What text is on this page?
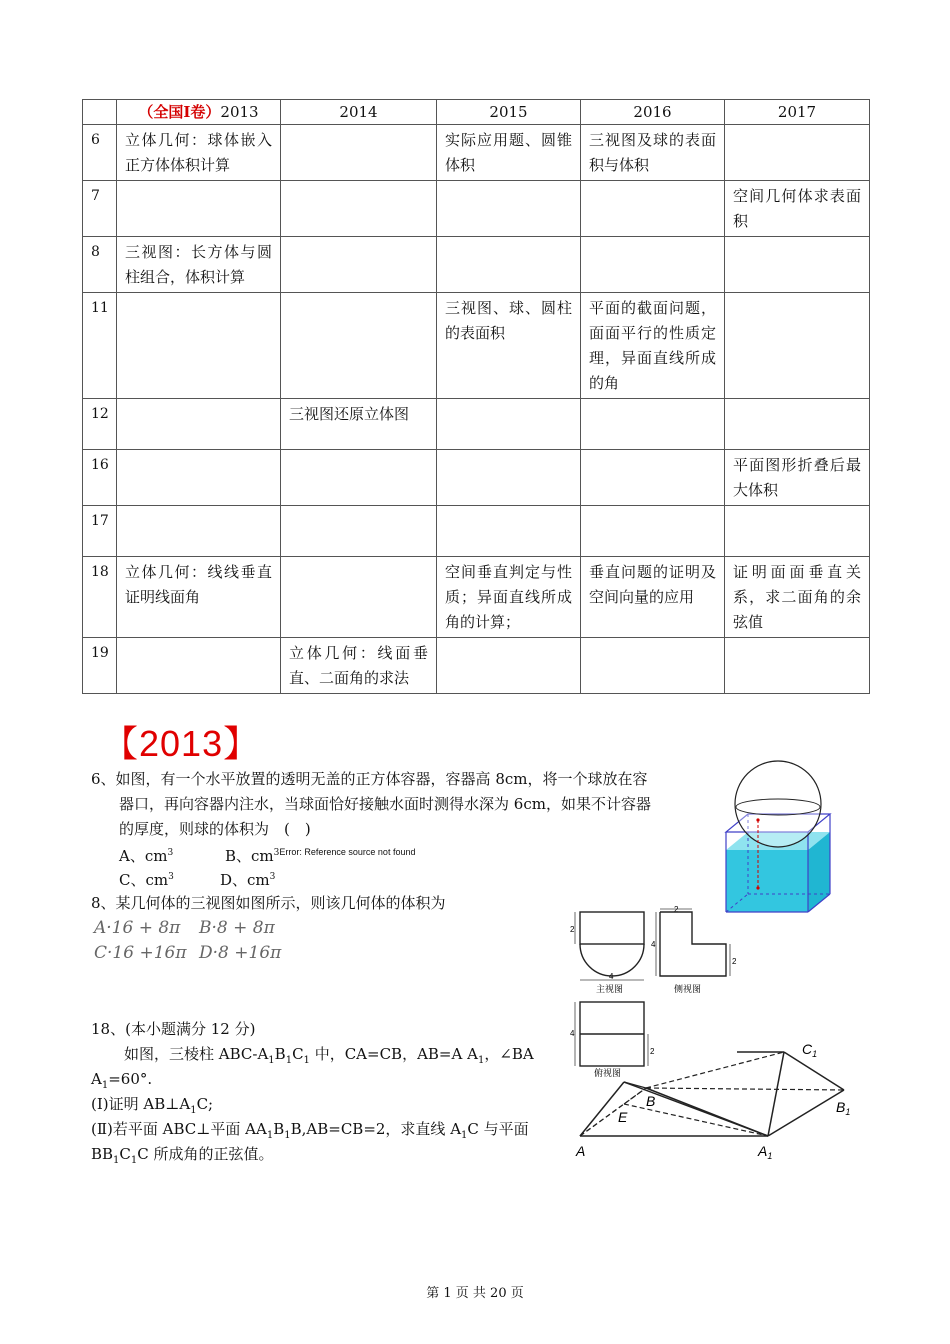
	（全国Ⅰ卷）2013	2014	2015	2016	2017
6	立体几何：球体嵌入正方体体积计算		实际应用题、圆锥体积	三视图及球的表面积与体积	
7					空间几何体求表面积
8	三视图：长方体与圆柱组合，体积计算				
11			三视图、球、圆柱的表面积	平面的截面问题，面面平行的性质定理，异面直线所成的角	
12		三视图还原立体图			
16					平面图形折叠后最大体积
17					
18	立体几何：线线垂直证明线面角		空间垂直判定与性质；异面直线所成角的计算；	垂直问题的证明及空间向量的应用	证明面面垂直关系，求二面角的余弦值
19		立体几何：线面垂直、二面角的求法			
【2013】
6、如图，有一个水平放置的透明无盖的正方体容器，容器高 8cm，将一个球放在容
器口，再向容器内注水，当球面恰好接触水面时测得水深为 6cm，如果不计容器
的厚度，则球的体积为　(　)
A、$cm^3$	B、$cm^{3Error: Reference source not found}$
C、$cm^3$	D、$cm^3$
8、某几何体的三视图如图所示，则该几何体的体积为
A·16 + 8π B·8 + 8π
C·16 +16π D·8 +16π
2
4
主视图
2
4
2
侧视图
4
2
俯视图
18、(本小题满分 12 分)
如图，三棱柱 ABC-$A_1B_1C_1$ 中，CA=CB，AB=A $A_1$，∠BA
$A_1=60^\circ$.
(Ⅰ)证明 $AB\perp A_1C$;
(Ⅱ)若平面 ABC⊥平面 $AA_1B_1B,AB=CB=2$，求直线 $A_1C$ 与平面
$BB_1C_1C$ 所成角的正弦值。
$C_1$
$B_1$
B
E
A	$A_1$
第 1 页 共 20 页
